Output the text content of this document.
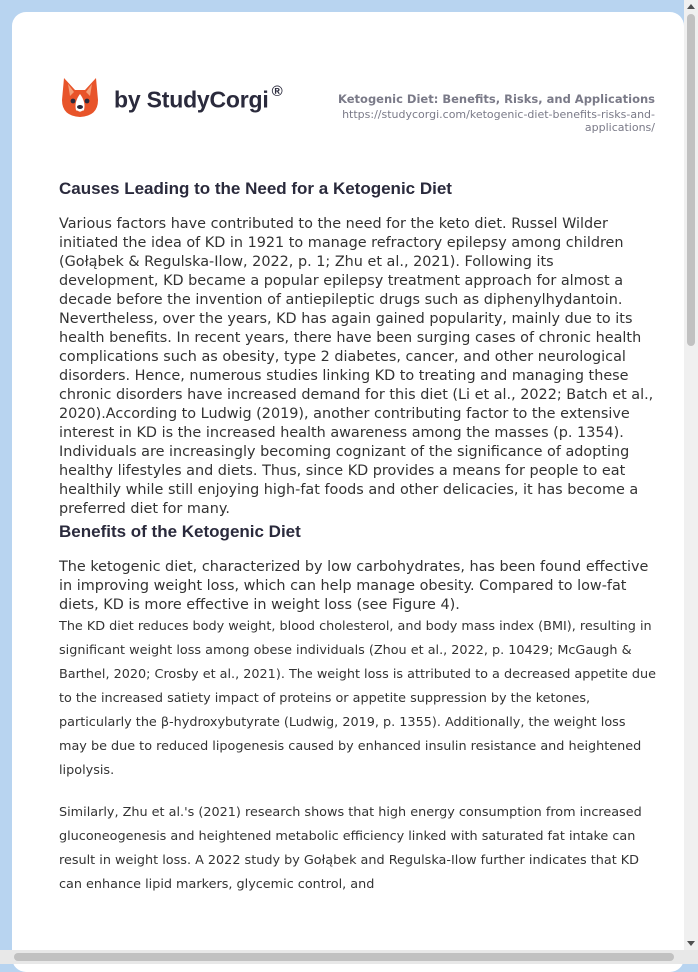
by StudyCorgi ®	Ketogenic Diet: Benefits, Risks, and Applications
https://studycorgi.com/ketogenic-diet-benefits-risks-and-applications/
Causes Leading to the Need for a Ketogenic Diet

Various factors have contributed to the need for the keto diet. Russel Wilder initiated the idea of KD in 1921 to manage refractory epilepsy among children (Gołąbek & Regulska-Ilow, 2022, p. 1; Zhu et al., 2021). Following its development, KD became a popular epilepsy treatment approach for almost a decade before the invention of antiepileptic drugs such as diphenylhydantoin. Nevertheless, over the years, KD has again gained popularity, mainly due to its health benefits. In recent years, there have been surging cases of chronic health complications such as obesity, type 2 diabetes, cancer, and other neurological disorders. Hence, numerous studies linking KD to treating and managing these chronic disorders have increased demand for this diet (Li et al., 2022; Batch et al., 2020).According to Ludwig (2019), another contributing factor to the extensive interest in KD is the increased health awareness among the masses (p. 1354). Individuals are increasingly becoming cognizant of the significance of adopting healthy lifestyles and diets. Thus, since KD provides a means for people to eat healthily while still enjoying high-fat foods and other delicacies, it has become a preferred diet for many.

Benefits of the Ketogenic Diet

The ketogenic diet, characterized by low carbohydrates, has been found effective in improving weight loss, which can help manage obesity. Compared to low-fat diets, KD is more effective in weight loss (see Figure 4).

The KD diet reduces body weight, blood cholesterol, and body mass index (BMI), resulting in significant weight loss among obese individuals (Zhou et al., 2022, p. 10429; McGaugh & Barthel, 2020; Crosby et al., 2021). The weight loss is attributed to a decreased appetite due to the increased satiety impact of proteins or appetite suppression by the ketones, particularly the β-hydroxybutyrate (Ludwig, 2019, p. 1355). Additionally, the weight loss may be due to reduced lipogenesis caused by enhanced insulin resistance and heightened lipolysis.

Similarly, Zhu et al.'s (2021) research shows that high energy consumption from increased gluconeogenesis and heightened metabolic efficiency linked with saturated fat intake can result in weight loss. A 2022 study by Gołąbek and Regulska-Ilow further indicates that KD can enhance lipid markers, glycemic control, and
